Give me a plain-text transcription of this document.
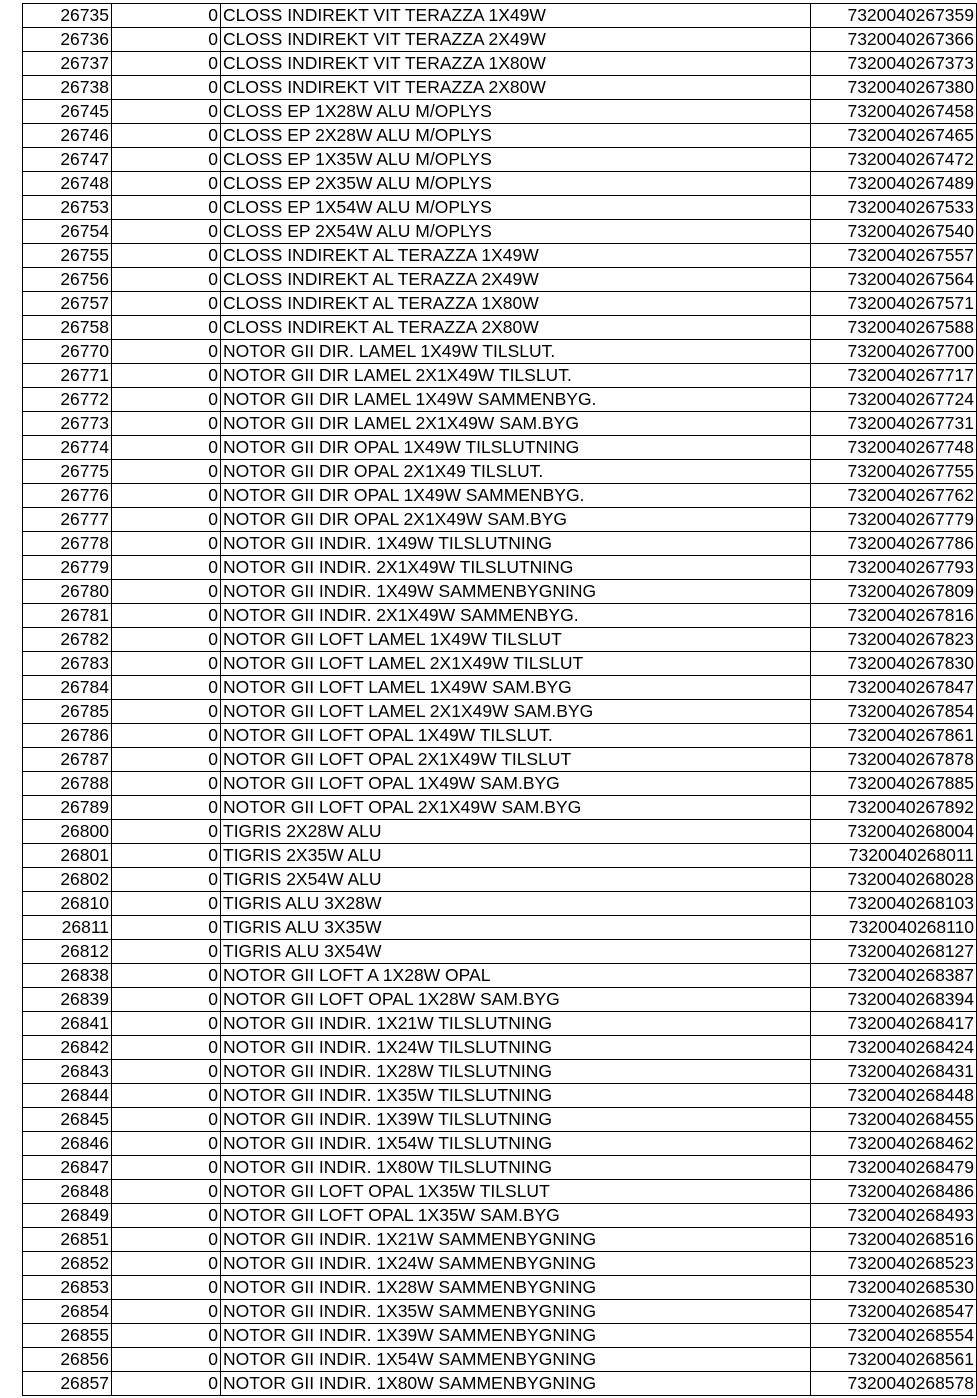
26735	0	CLOSS INDIREKT VIT TERAZZA 1X49W	7320040267359
26736	0	CLOSS INDIREKT VIT TERAZZA 2X49W	7320040267366
26737	0	CLOSS INDIREKT VIT TERAZZA 1X80W	7320040267373
26738	0	CLOSS INDIREKT VIT TERAZZA 2X80W	7320040267380
26745	0	CLOSS EP 1X28W ALU M/OPLYS	7320040267458
26746	0	CLOSS EP 2X28W ALU M/OPLYS	7320040267465
26747	0	CLOSS EP 1X35W ALU M/OPLYS	7320040267472
26748	0	CLOSS EP 2X35W ALU M/OPLYS	7320040267489
26753	0	CLOSS EP 1X54W ALU M/OPLYS	7320040267533
26754	0	CLOSS EP 2X54W ALU M/OPLYS	7320040267540
26755	0	CLOSS INDIREKT AL TERAZZA 1X49W	7320040267557
26756	0	CLOSS INDIREKT AL TERAZZA 2X49W	7320040267564
26757	0	CLOSS INDIREKT AL TERAZZA 1X80W	7320040267571
26758	0	CLOSS INDIREKT AL TERAZZA 2X80W	7320040267588
26770	0	NOTOR GII DIR. LAMEL 1X49W TILSLUT.	7320040267700
26771	0	NOTOR GII DIR LAMEL 2X1X49W TILSLUT.	7320040267717
26772	0	NOTOR GII DIR LAMEL 1X49W SAMMENBYG.	7320040267724
26773	0	NOTOR GII DIR LAMEL 2X1X49W SAM.BYG	7320040267731
26774	0	NOTOR GII DIR OPAL 1X49W TILSLUTNING	7320040267748
26775	0	NOTOR GII DIR OPAL 2X1X49 TILSLUT.	7320040267755
26776	0	NOTOR GII DIR OPAL 1X49W SAMMENBYG.	7320040267762
26777	0	NOTOR GII DIR OPAL 2X1X49W SAM.BYG	7320040267779
26778	0	NOTOR GII INDIR. 1X49W TILSLUTNING	7320040267786
26779	0	NOTOR GII INDIR. 2X1X49W TILSLUTNING	7320040267793
26780	0	NOTOR GII INDIR. 1X49W SAMMENBYGNING	7320040267809
26781	0	NOTOR GII INDIR. 2X1X49W SAMMENBYG.	7320040267816
26782	0	NOTOR GII LOFT LAMEL 1X49W TILSLUT	7320040267823
26783	0	NOTOR GII LOFT LAMEL 2X1X49W TILSLUT	7320040267830
26784	0	NOTOR GII LOFT LAMEL 1X49W SAM.BYG	7320040267847
26785	0	NOTOR GII LOFT LAMEL 2X1X49W SAM.BYG	7320040267854
26786	0	NOTOR GII LOFT OPAL 1X49W TILSLUT.	7320040267861
26787	0	NOTOR GII LOFT OPAL 2X1X49W TILSLUT	7320040267878
26788	0	NOTOR GII LOFT OPAL 1X49W SAM.BYG	7320040267885
26789	0	NOTOR GII LOFT OPAL 2X1X49W SAM.BYG	7320040267892
26800	0	TIGRIS 2X28W ALU	7320040268004
26801	0	TIGRIS 2X35W ALU	7320040268011
26802	0	TIGRIS 2X54W ALU	7320040268028
26810	0	TIGRIS ALU 3X28W	7320040268103
26811	0	TIGRIS ALU 3X35W	7320040268110
26812	0	TIGRIS ALU 3X54W	7320040268127
26838	0	NOTOR GII LOFT A 1X28W OPAL	7320040268387
26839	0	NOTOR GII LOFT OPAL 1X28W SAM.BYG	7320040268394
26841	0	NOTOR GII INDIR. 1X21W TILSLUTNING	7320040268417
26842	0	NOTOR GII INDIR. 1X24W TILSLUTNING	7320040268424
26843	0	NOTOR GII INDIR. 1X28W TILSLUTNING	7320040268431
26844	0	NOTOR GII INDIR. 1X35W TILSLUTNING	7320040268448
26845	0	NOTOR GII INDIR. 1X39W TILSLUTNING	7320040268455
26846	0	NOTOR GII INDIR. 1X54W TILSLUTNING	7320040268462
26847	0	NOTOR GII INDIR. 1X80W TILSLUTNING	7320040268479
26848	0	NOTOR GII LOFT OPAL 1X35W TILSLUT	7320040268486
26849	0	NOTOR GII LOFT OPAL 1X35W SAM.BYG	7320040268493
26851	0	NOTOR GII INDIR. 1X21W SAMMENBYGNING	7320040268516
26852	0	NOTOR GII INDIR. 1X24W SAMMENBYGNING	7320040268523
26853	0	NOTOR GII INDIR. 1X28W SAMMENBYGNING	7320040268530
26854	0	NOTOR GII INDIR. 1X35W SAMMENBYGNING	7320040268547
26855	0	NOTOR GII INDIR. 1X39W SAMMENBYGNING	7320040268554
26856	0	NOTOR GII INDIR. 1X54W SAMMENBYGNING	7320040268561
26857	0	NOTOR GII INDIR. 1X80W SAMMENBYGNING	7320040268578
